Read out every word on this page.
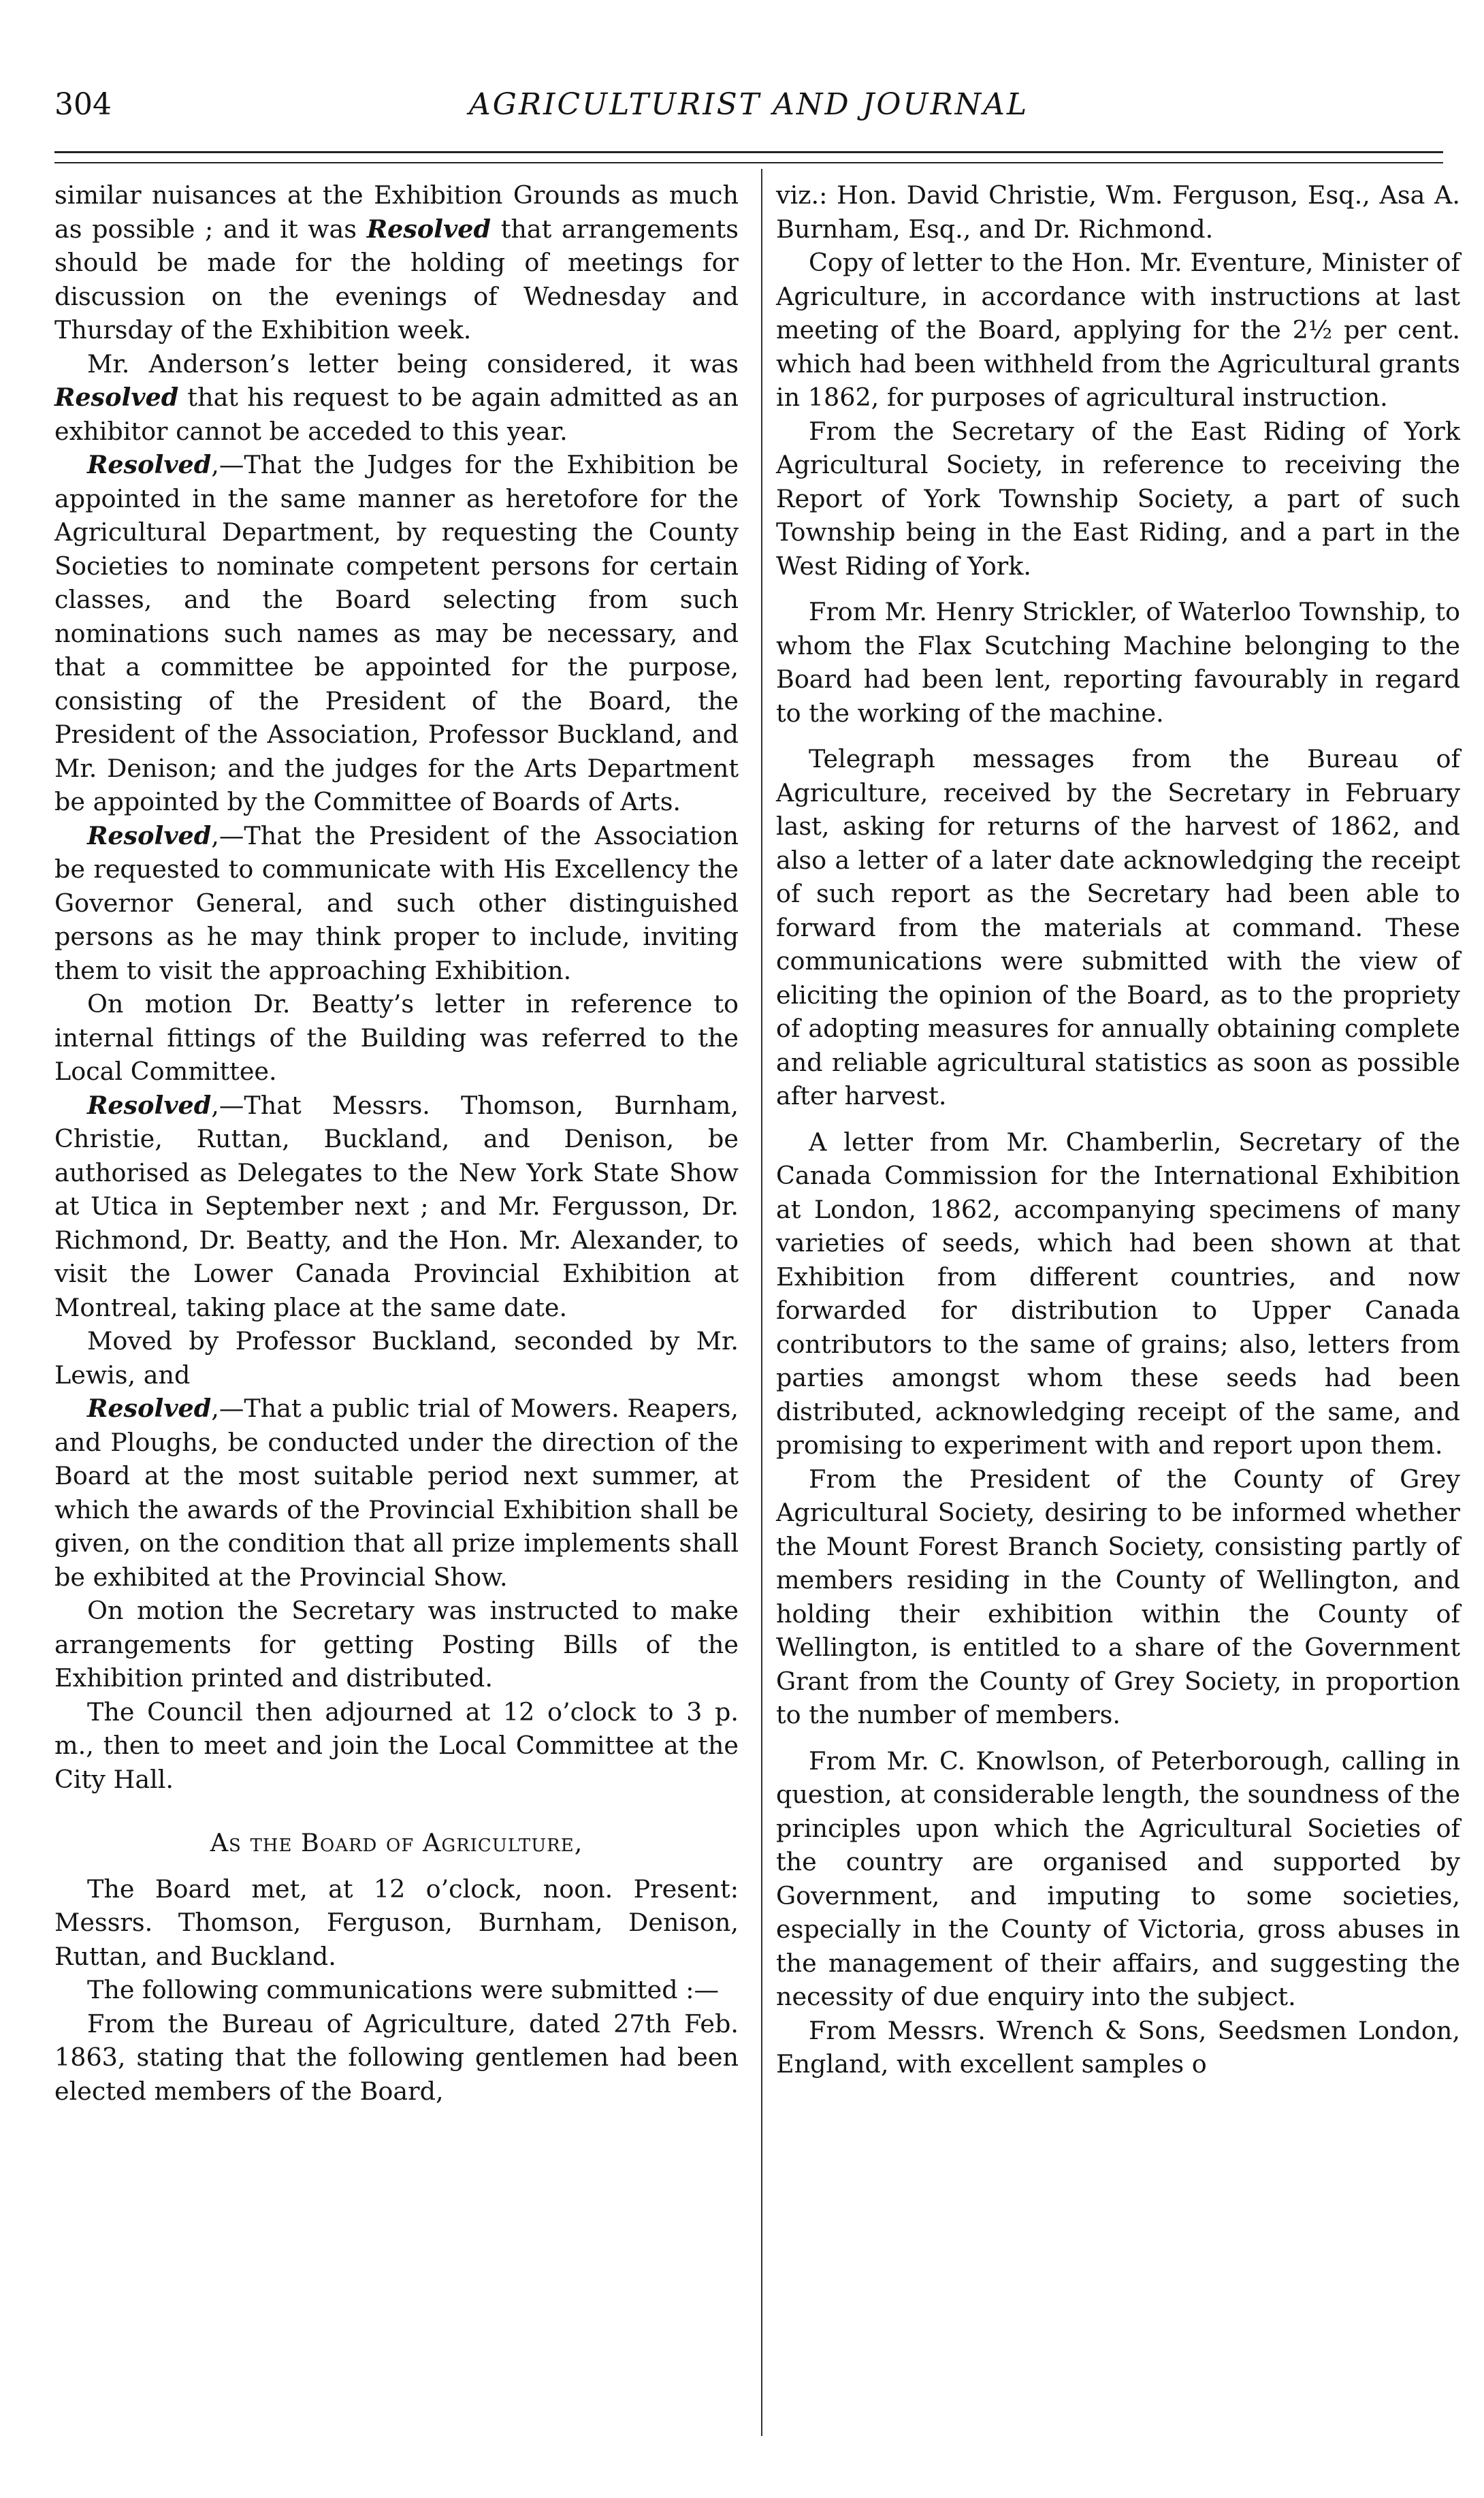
304	AGRICULTURIST AND JOURNAL

similar nuisances at the Exhibition Grounds as much as possible ; and it was Resolved that arrangements should be made for the holding of meetings for discussion on the evenings of Wednesday and Thursday of the Exhibition week.

Mr. Anderson’s letter being considered, it was Resolved that his request to be again admitted as an exhibitor cannot be acceded to this year.

Resolved,—That the Judges for the Exhibition be appointed in the same manner as heretofore for the Agricultural Department, by requesting the County Societies to nominate competent persons for certain classes, and the Board selecting from such nominations such names as may be necessary, and that a committee be appointed for the purpose, consisting of the President of the Board, the President of the Association, Professor Buckland, and Mr. Denison; and the judges for the Arts Department be appointed by the Committee of Boards of Arts.

Resolved,—That the President of the Association be requested to communicate with His Excellency the Governor General, and such other distinguished persons as he may think proper to include, inviting them to visit the approaching Exhibition.

On motion Dr. Beatty’s letter in reference to internal fittings of the Building was referred to the Local Committee.

Resolved,—That Messrs. Thomson, Burnham, Christie, Ruttan, Buckland, and Denison, be authorised as Delegates to the New York State Show at Utica in September next ; and Mr. Fergusson, Dr. Richmond, Dr. Beatty, and the Hon. Mr. Alexander, to visit the Lower Canada Provincial Exhibition at Montreal, taking place at the same date.

Moved by Professor Buckland, seconded by Mr. Lewis, and

Resolved,—That a public trial of Mowers. Reapers, and Ploughs, be conducted under the direction of the Board at the most suitable period next summer, at which the awards of the Provincial Exhibition shall be given, on the condition that all prize implements shall be exhibited at the Provincial Show.

On motion the Secretary was instructed to make arrangements for getting Posting Bills of the Exhibition printed and distributed.

The Council then adjourned at 12 o’clock to 3 p. m., then to meet and join the Local Committee at the City Hall.

As the Board of Agriculture,

The Board met, at 12 o’clock, noon. Present: Messrs. Thomson, Ferguson, Burnham, Denison, Ruttan, and Buckland.

The following communications were submitted :—

From the Bureau of Agriculture, dated 27th Feb. 1863, stating that the following gentlemen had been elected members of the Board,

viz.: Hon. David Christie, Wm. Ferguson, Esq., Asa A. Burnham, Esq., and Dr. Richmond.

Copy of letter to the Hon. Mr. Eventure, Minister of Agriculture, in accordance with instructions at last meeting of the Board, applying for the 2½ per cent. which had been withheld from the Agricultural grants in 1862, for purposes of agricultural instruction.

From the Secretary of the East Riding of York Agricultural Society, in reference to receiving the Report of York Township Society, a part of such Township being in the East Riding, and a part in the West Riding of York.

From Mr. Henry Strickler, of Waterloo Township, to whom the Flax Scutching Machine belonging to the Board had been lent, reporting favourably in regard to the working of the machine.

Telegraph messages from the Bureau of Agriculture, received by the Secretary in February last, asking for returns of the harvest of 1862, and also a letter of a later date acknowledging the receipt of such report as the Secretary had been able to forward from the materials at command. These communications were submitted with the view of eliciting the opinion of the Board, as to the propriety of adopting measures for annually obtaining complete and reliable agricultural statistics as soon as possible after harvest.

A letter from Mr. Chamberlin, Secretary of the Canada Commission for the International Exhibition at London, 1862, accompanying specimens of many varieties of seeds, which had been shown at that Exhibition from different countries, and now forwarded for distribution to Upper Canada contributors to the same of grains; also, letters from parties amongst whom these seeds had been distributed, acknowledging receipt of the same, and promising to experiment with and report upon them.

From the President of the County of Grey Agricultural Society, desiring to be informed whether the Mount Forest Branch Society, consisting partly of members residing in the County of Wellington, and holding their exhibition within the County of Wellington, is entitled to a share of the Government Grant from the County of Grey Society, in proportion to the number of members.

From Mr. C. Knowlson, of Peterborough, calling in question, at considerable length, the soundness of the principles upon which the Agricultural Societies of the country are organised and supported by Government, and imputing to some societies, especially in the County of Victoria, gross abuses in the management of their affairs, and suggesting the necessity of due enquiry into the subject.

From Messrs. Wrench & Sons, Seedsmen London, England, with excellent samples o
